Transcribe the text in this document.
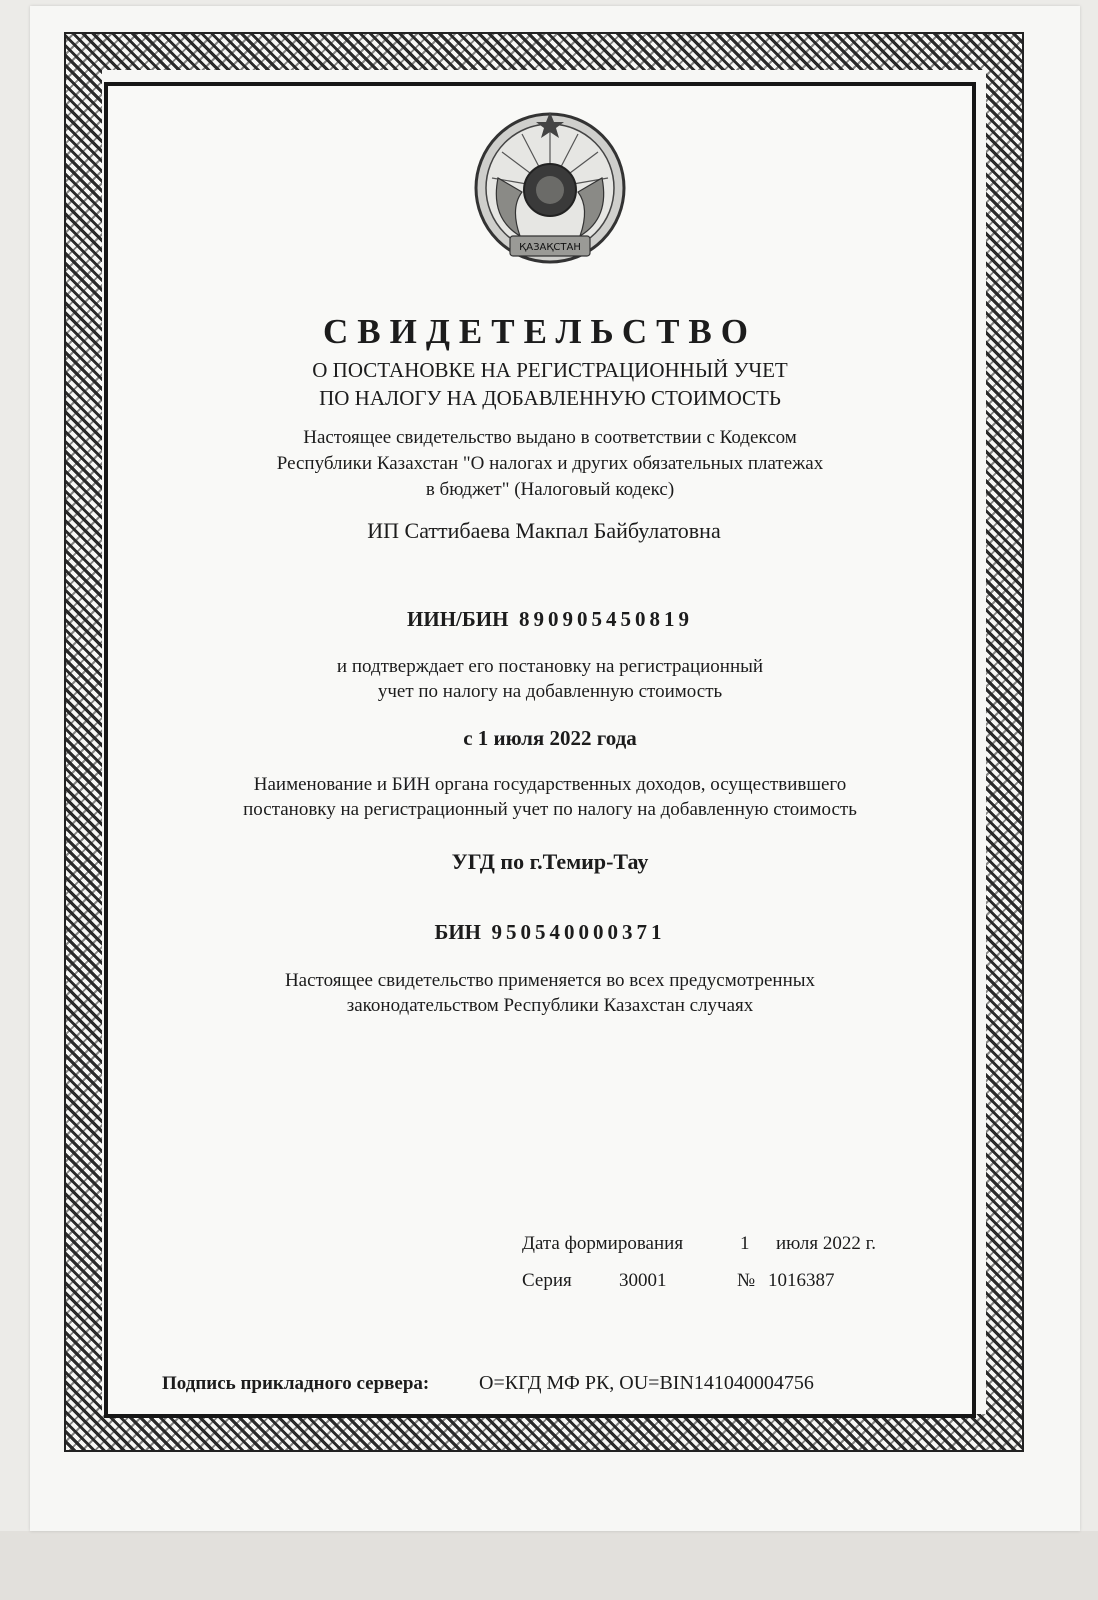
ҚАЗАҚСТАН
СВИДЕТЕЛЬСТВО
О ПОСТАНОВКЕ НА РЕГИСТРАЦИОННЫЙ УЧЕТ
ПО НАЛОГУ НА ДОБАВЛЕННУЮ СТОИМОСТЬ
Настоящее свидетельство выдано в соответствии с Кодексом
Республики Казахстан "О налогах и других обязательных платежах
в бюджет" (Налоговый кодекс)
ИП Саттибаева Макпал Байбулатовна
ИИН/БИН 890905450819
и подтверждает его постановку на регистрационный
учет по налогу на добавленную стоимость
с 1 июля 2022 года
Наименование и БИН органа государственных доходов, осуществившего
постановку на регистрационный учет по налогу на добавленную стоимость
УГД по г.Темир-Тау
БИН 950540000371
Настоящее свидетельство применяется во всех предусмотренных
законодательством Республики Казахстан случаях
Дата формирования	1 июля 2022 г.
Серия 30001	№ 1016387
Подпись прикладного сервера: O=КГД МФ РК, OU=BIN141040004756
